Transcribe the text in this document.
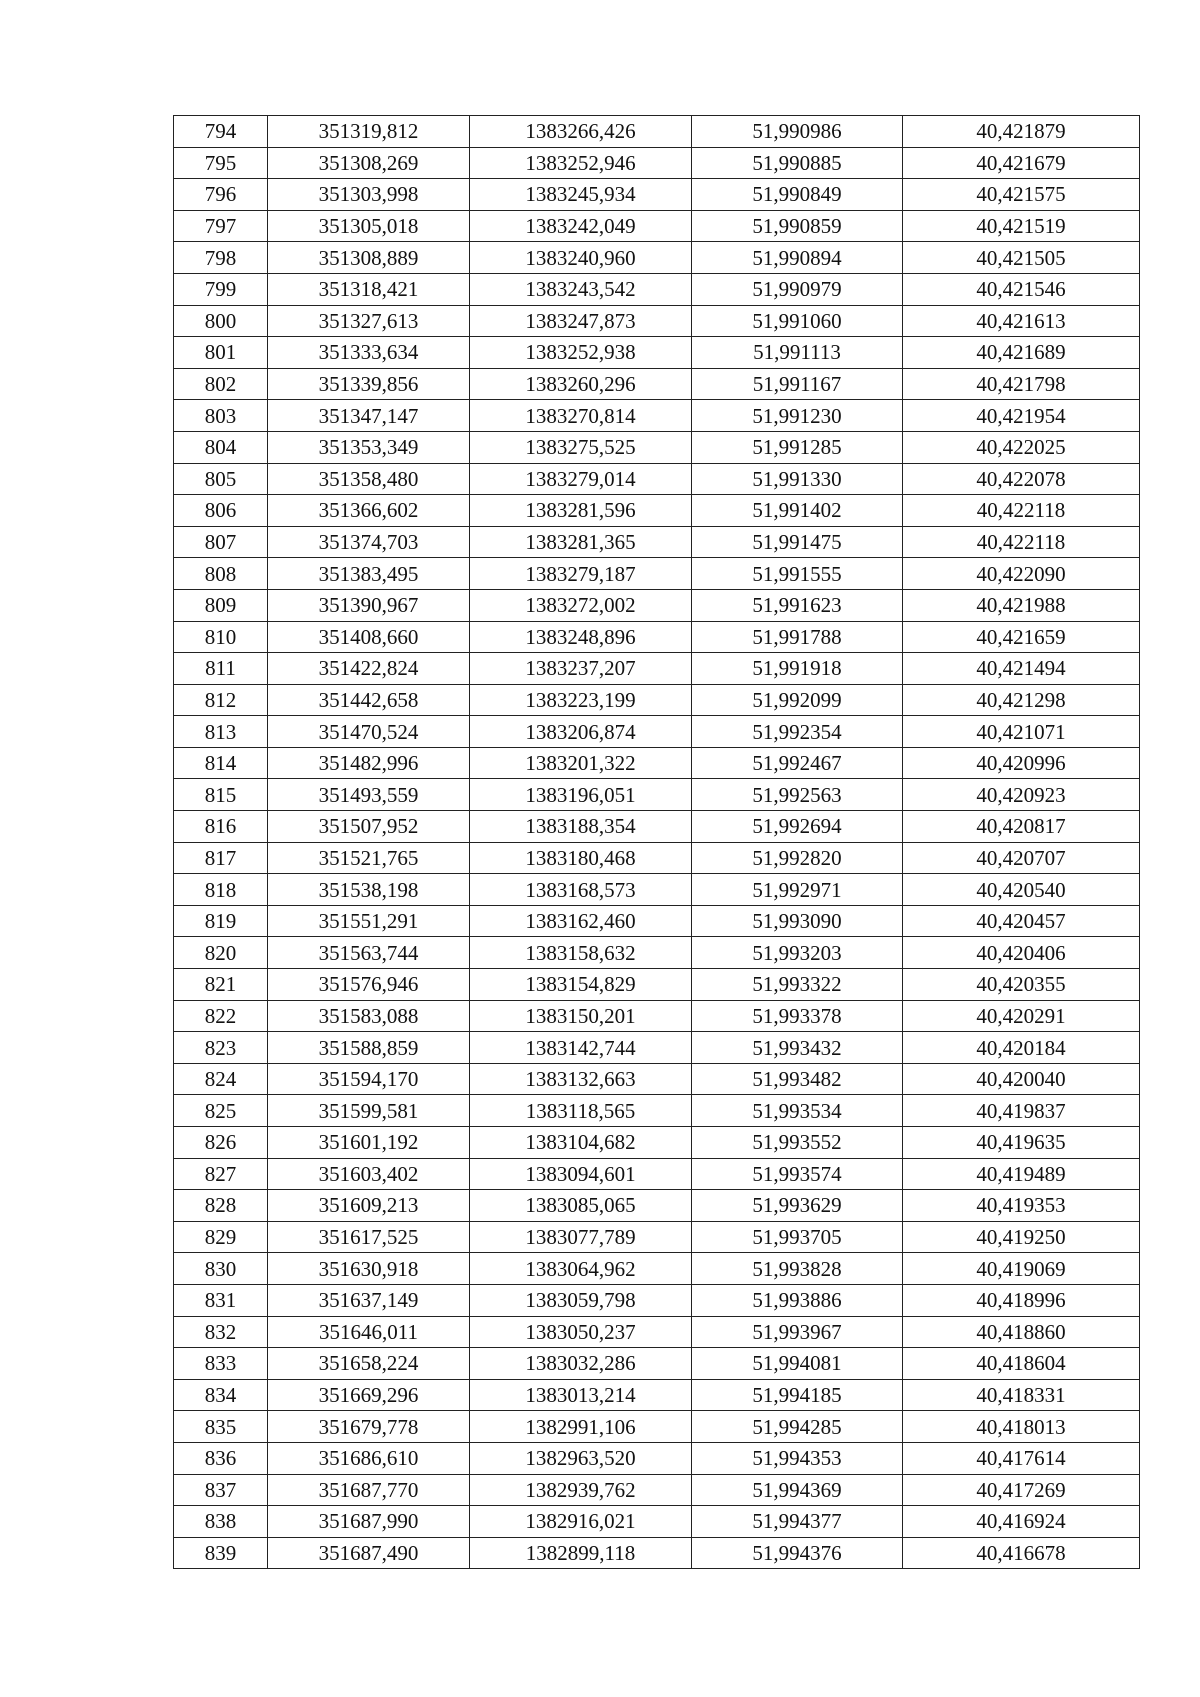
794	351319,812	1383266,426	51,990986	40,421879
795	351308,269	1383252,946	51,990885	40,421679
796	351303,998	1383245,934	51,990849	40,421575
797	351305,018	1383242,049	51,990859	40,421519
798	351308,889	1383240,960	51,990894	40,421505
799	351318,421	1383243,542	51,990979	40,421546
800	351327,613	1383247,873	51,991060	40,421613
801	351333,634	1383252,938	51,991113	40,421689
802	351339,856	1383260,296	51,991167	40,421798
803	351347,147	1383270,814	51,991230	40,421954
804	351353,349	1383275,525	51,991285	40,422025
805	351358,480	1383279,014	51,991330	40,422078
806	351366,602	1383281,596	51,991402	40,422118
807	351374,703	1383281,365	51,991475	40,422118
808	351383,495	1383279,187	51,991555	40,422090
809	351390,967	1383272,002	51,991623	40,421988
810	351408,660	1383248,896	51,991788	40,421659
811	351422,824	1383237,207	51,991918	40,421494
812	351442,658	1383223,199	51,992099	40,421298
813	351470,524	1383206,874	51,992354	40,421071
814	351482,996	1383201,322	51,992467	40,420996
815	351493,559	1383196,051	51,992563	40,420923
816	351507,952	1383188,354	51,992694	40,420817
817	351521,765	1383180,468	51,992820	40,420707
818	351538,198	1383168,573	51,992971	40,420540
819	351551,291	1383162,460	51,993090	40,420457
820	351563,744	1383158,632	51,993203	40,420406
821	351576,946	1383154,829	51,993322	40,420355
822	351583,088	1383150,201	51,993378	40,420291
823	351588,859	1383142,744	51,993432	40,420184
824	351594,170	1383132,663	51,993482	40,420040
825	351599,581	1383118,565	51,993534	40,419837
826	351601,192	1383104,682	51,993552	40,419635
827	351603,402	1383094,601	51,993574	40,419489
828	351609,213	1383085,065	51,993629	40,419353
829	351617,525	1383077,789	51,993705	40,419250
830	351630,918	1383064,962	51,993828	40,419069
831	351637,149	1383059,798	51,993886	40,418996
832	351646,011	1383050,237	51,993967	40,418860
833	351658,224	1383032,286	51,994081	40,418604
834	351669,296	1383013,214	51,994185	40,418331
835	351679,778	1382991,106	51,994285	40,418013
836	351686,610	1382963,520	51,994353	40,417614
837	351687,770	1382939,762	51,994369	40,417269
838	351687,990	1382916,021	51,994377	40,416924
839	351687,490	1382899,118	51,994376	40,416678
